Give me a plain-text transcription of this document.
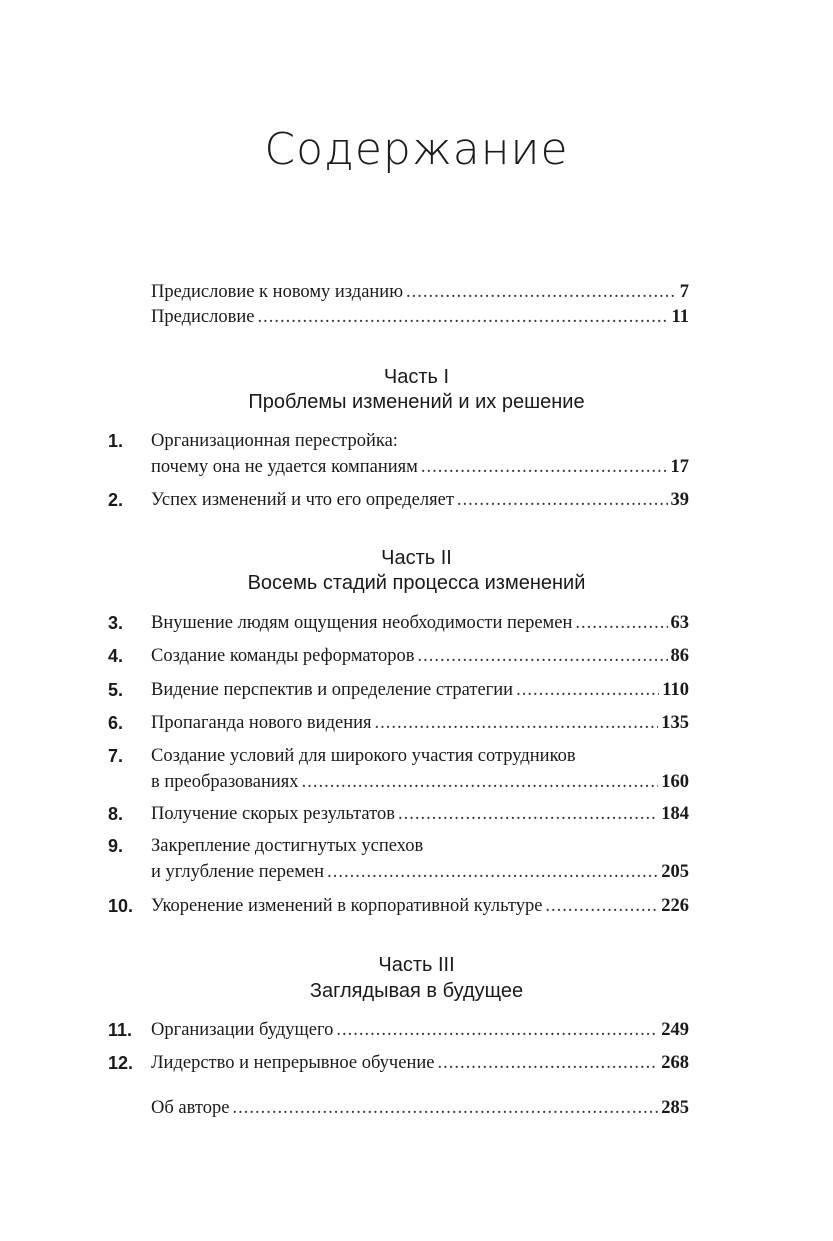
Содержание
Предисловие к новому изданию .....	7
Предисловие .....	11
Часть I
Проблемы изменений и их решение
1.	Организационная перестройка:
почему она не удается компаниям .....	17
2.	Успех изменений и что его определяет .....	39
Часть II
Восемь стадий процесса изменений
3.	Внушение людям ощущения необходимости перемен .....	63
4.	Создание команды реформаторов .....	86
5.	Видение перспектив и определение стратегии .....	110
6.	Пропаганда нового видения .....	135
7.	Создание условий для широкого участия сотрудников
в преобразованиях .....	160
8.	Получение скорых результатов .....	184
9.	Закрепление достигнутых успехов
и углубление перемен .....	205
10. Укоренение изменений в корпоративной культуре .....	226
Часть III
Заглядывая в будущее
11.	Организации будущего .....	249
12. Лидерство и непрерывное обучение .....	268
Об авторе .....	285
